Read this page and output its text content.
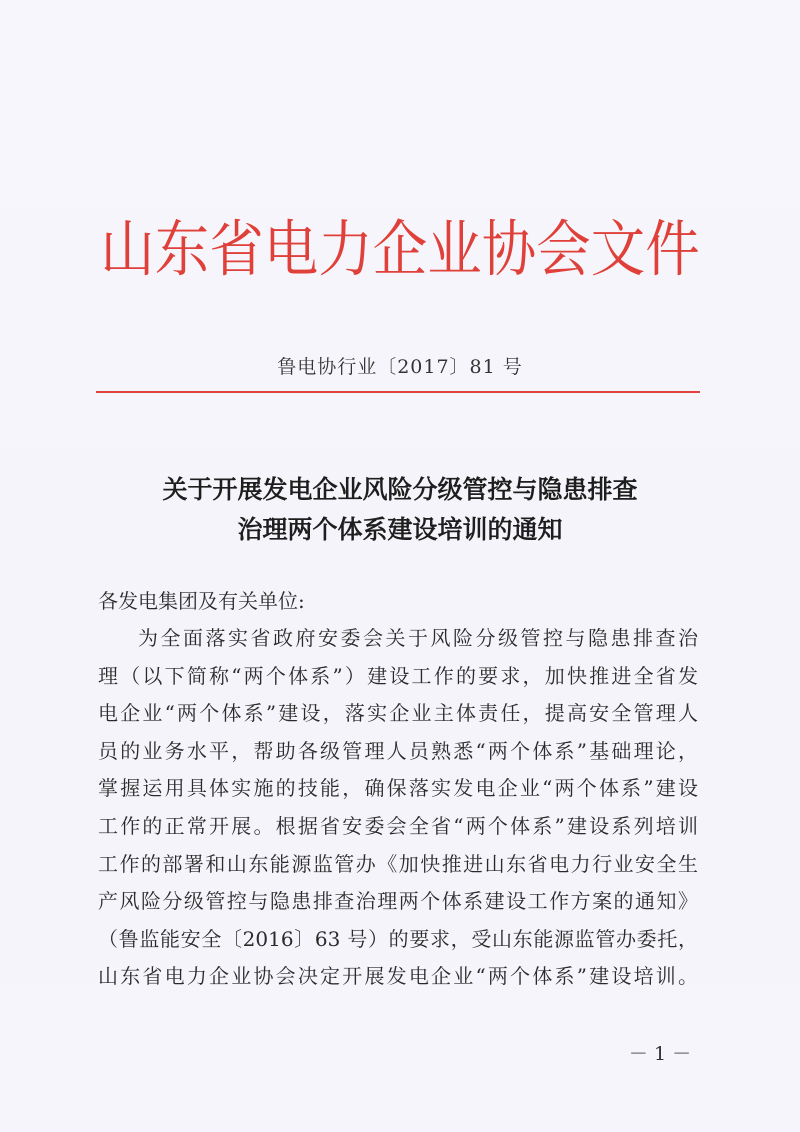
山东省电力企业协会文件
鲁电协行业〔2017〕81 号
关于开展发电企业风险分级管控与隐患排查
治理两个体系建设培训的通知
各发电集团及有关单位:
为全面落实省政府安委会关于风险分级管控与隐患排查治
理（以下简称“两个体系”）建设工作的要求，加快推进全省发
电企业“两个体系”建设，落实企业主体责任，提高安全管理人
员的业务水平，帮助各级管理人员熟悉“两个体系”基础理论，
掌握运用具体实施的技能，确保落实发电企业“两个体系”建设
工作的正常开展。根据省安委会全省“两个体系”建设系列培训
工作的部署和山东能源监管办《加快推进山东省电力行业安全生
产风险分级管控与隐患排查治理两个体系建设工作方案的通知》
（鲁监能安全〔2016〕63 号）的要求，受山东能源监管办委托，
山东省电力企业协会决定开展发电企业“两个体系”建设培训。
－ 1 －
